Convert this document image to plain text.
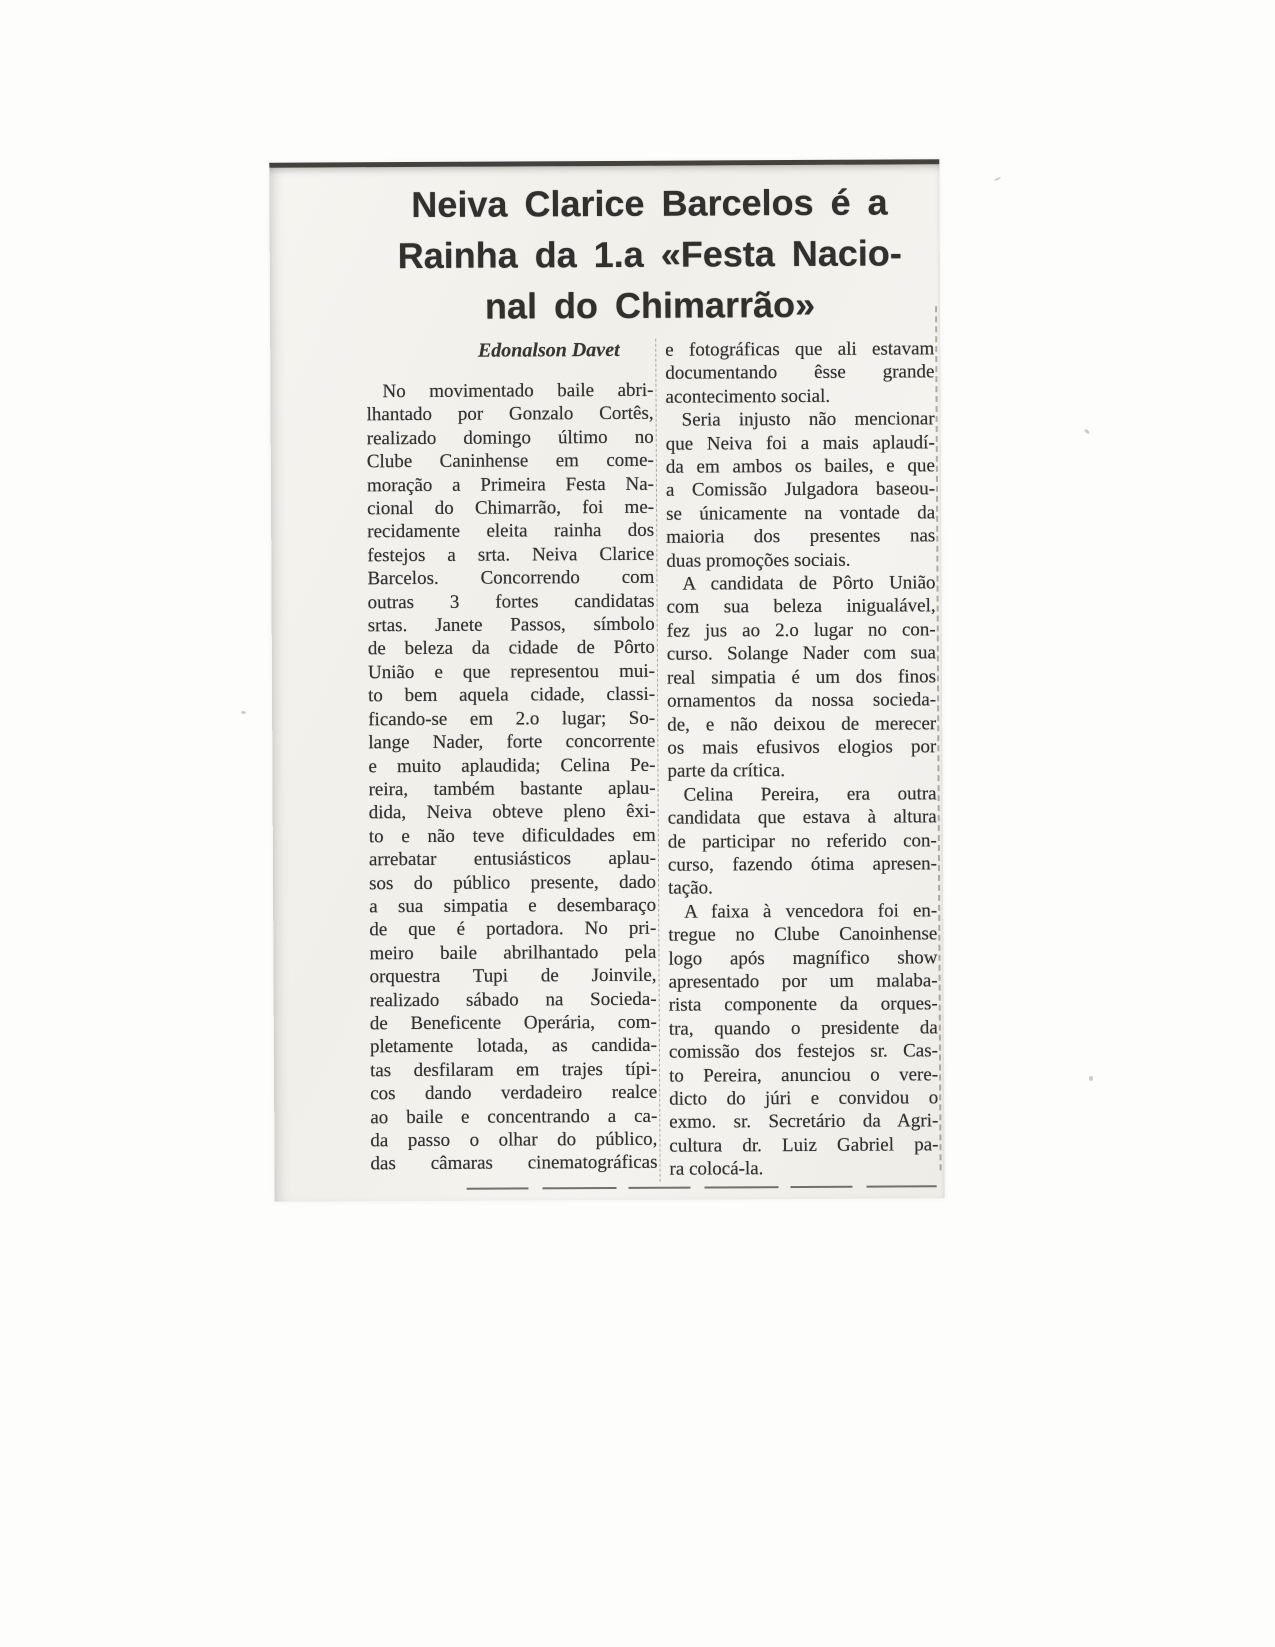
Neiva Clarice Barcelos é a
Rainha da 1.a «Festa Nacio-
nal do Chimarrão»
Edonalson Davet
No movimentado baile abri-
lhantado por Gonzalo Cortês,
realizado domingo último no
Clube Caninhense em come-
moração a Primeira Festa Na-
cional do Chimarrão, foi me-
recidamente eleita rainha dos
festejos a srta. Neiva Clarice
Barcelos. Concorrendo com
outras 3 fortes candidatas
srtas. Janete Passos, símbolo
de beleza da cidade de Pôrto
União e que representou mui-
to bem aquela cidade, classi-
ficando-se em 2.o lugar; So-
lange Nader, forte concorrente
e muito aplaudida; Celina Pe-
reira, também bastante aplau-
dida, Neiva obteve pleno êxi-
to e não teve dificuldades em
arrebatar entusiásticos aplau-
sos do público presente, dado
a sua simpatia e desembaraço
de que é portadora. No pri-
meiro baile abrilhantado pela
orquestra Tupi de Joinvile,
realizado sábado na Socieda-
de Beneficente Operária, com-
pletamente lotada, as candida-
tas desfilaram em trajes típi-
cos dando verdadeiro realce
ao baile e concentrando a ca-
da passo o olhar do público,
das câmaras cinematográficas
e fotográficas que ali estavam
documentando êsse grande
acontecimento social.
Seria injusto não mencionar
que Neiva foi a mais aplaudí-
da em ambos os bailes, e que
a Comissão Julgadora baseou-
se únicamente na vontade da
maioria dos presentes nas
duas promoções sociais.
A candidata de Pôrto União
com sua beleza inigualável,
fez jus ao 2.o lugar no con-
curso. Solange Nader com sua
real simpatia é um dos finos
ornamentos da nossa socieda-
de, e não deixou de merecer
os mais efusivos elogios por
parte da crítica.
Celina Pereira, era outra
candidata que estava à altura
de participar no referido con-
curso, fazendo ótima apresen-
tação.
A faixa à vencedora foi en-
tregue no Clube Canoinhense
logo após magnífico show
apresentado por um malaba-
rista componente da orques-
tra, quando o presidente da
comissão dos festejos sr. Cas-
to Pereira, anunciou o vere-
dicto do júri e convidou o
exmo. sr. Secretário da Agri-
cultura dr. Luiz Gabriel pa-
ra colocá-la.
